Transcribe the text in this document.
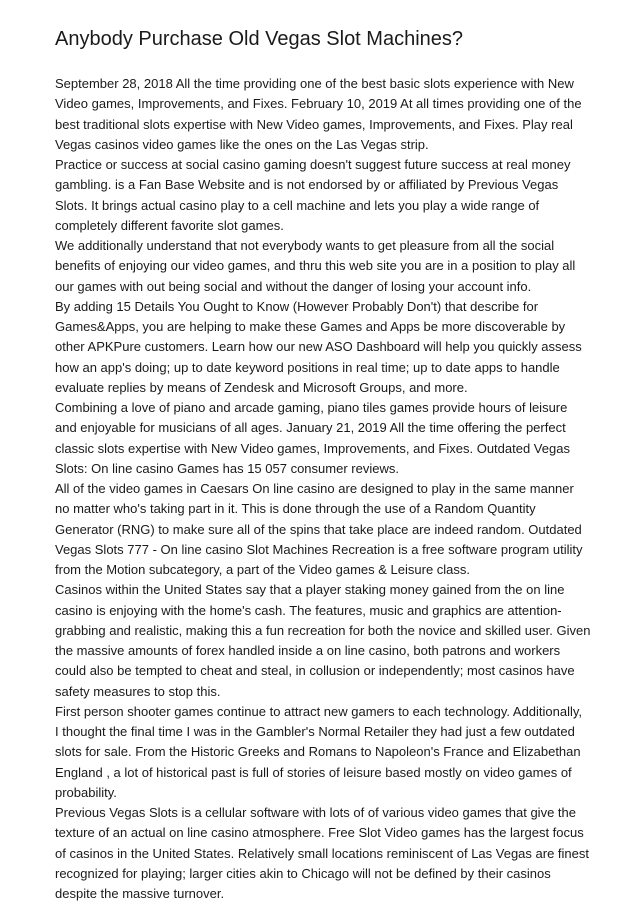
Anybody Purchase Old Vegas Slot Machines?

September 28, 2018 All the time providing one of the best basic slots experience with New
Video games, Improvements, and Fixes. February 10, 2019 At all times providing one of the
best traditional slots expertise with New Video games, Improvements, and Fixes. Play real
Vegas casinos video games like the ones on the Las Vegas strip.

Practice or success at social casino gaming doesn't suggest future success at real money
gambling. is a Fan Base Website and is not endorsed by or affiliated by Previous Vegas
Slots. It brings actual casino play to a cell machine and lets you play a wide range of
completely different favorite slot games.

We additionally understand that not everybody wants to get pleasure from all the social
benefits of enjoying our video games, and thru this web site you are in a position to play all
our games with out being social and without the danger of losing your account info.

By adding 15 Details You Ought to Know (However Probably Don't) that describe for
Games&Apps, you are helping to make these Games and Apps be more discoverable by
other APKPure customers. Learn how our new ASO Dashboard will help you quickly assess
how an app's doing; up to date keyword positions in real time; up to date apps to handle
evaluate replies by means of Zendesk and Microsoft Groups, and more.

Combining a love of piano and arcade gaming, piano tiles games provide hours of leisure
and enjoyable for musicians of all ages. January 21, 2019 All the time offering the perfect
classic slots expertise with New Video games, Improvements, and Fixes. Outdated Vegas
Slots: On line casino Games has 15 057 consumer reviews.

All of the video games in Caesars On line casino are designed to play in the same manner
no matter who's taking part in it. This is done through the use of a Random Quantity
Generator (RNG) to make sure all of the spins that take place are indeed random. Outdated
Vegas Slots 777 - On line casino Slot Machines Recreation is a free software program utility
from the Motion subcategory, a part of the Video games & Leisure class.

Casinos within the United States say that a player staking money gained from the on line
casino is enjoying with the home's cash. The features, music and graphics are attention-
grabbing and realistic, making this a fun recreation for both the novice and skilled user. Given
the massive amounts of forex handled inside a on line casino, both patrons and workers
could also be tempted to cheat and steal, in collusion or independently; most casinos have
safety measures to stop this.

First person shooter games continue to attract new gamers to each technology. Additionally,
I thought the final time I was in the Gambler's Normal Retailer they had just a few outdated
slots for sale. From the Historic Greeks and Romans to Napoleon's France and Elizabethan
England , a lot of historical past is full of stories of leisure based mostly on video games of
probability.

Previous Vegas Slots is a cellular software with lots of of various video games that give the
texture of an actual on line casino atmosphere. Free Slot Video games has the largest focus
of casinos in the United States. Relatively small locations reminiscent of Las Vegas are finest
recognized for playing; larger cities akin to Chicago will not be defined by their casinos
despite the massive turnover.
